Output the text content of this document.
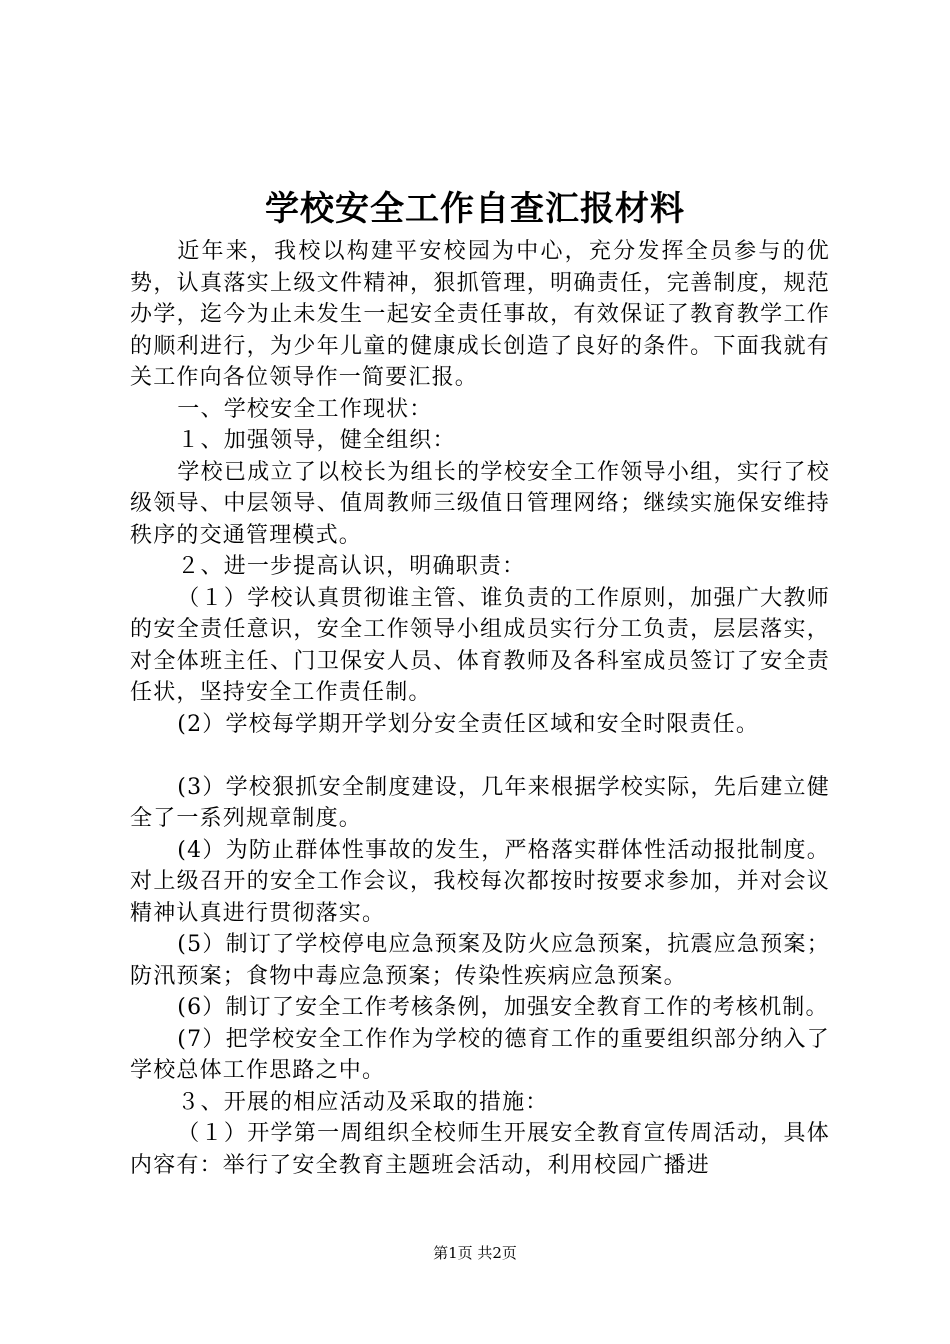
学校安全工作自查汇报材料

近年来，我校以构建平安校园为中心，充分发挥全员参与的优势，认真落实上级文件精神，狠抓管理，明确责任，完善制度，规范办学，迄今为止未发生一起安全责任事故，有效保证了教育教学工作的顺利进行，为少年儿童的健康成长创造了良好的条件。下面我就有关工作向各位领导作一简要汇报。

一、学校安全工作现状：

１、加强领导，健全组织：

学校已成立了以校长为组长的学校安全工作领导小组，实行了校级领导、中层领导、值周教师三级值日管理网络；继续实施保安维持秩序的交通管理模式。

２、进一步提高认识，明确职责：

（１）学校认真贯彻谁主管、谁负责的工作原则，加强广大教师的安全责任意识，安全工作领导小组成员实行分工负责，层层落实，对全体班主任、门卫保安人员、体育教师及各科室成员签订了安全责任状，坚持安全工作责任制。

(2）学校每学期开学划分安全责任区域和安全时限责任。

(3）学校狠抓安全制度建设，几年来根据学校实际，先后建立健全了一系列规章制度。

(4）为防止群体性事故的发生，严格落实群体性活动报批制度。对上级召开的安全工作会议，我校每次都按时按要求参加，并对会议精神认真进行贯彻落实。

(5）制订了学校停电应急预案及防火应急预案，抗震应急预案；防汛预案；食物中毒应急预案；传染性疾病应急预案。

(6）制订了安全工作考核条例，加强安全教育工作的考核机制。

(7）把学校安全工作作为学校的德育工作的重要组织部分纳入了学校总体工作思路之中。

３、开展的相应活动及采取的措施：

（１）开学第一周组织全校师生开展安全教育宣传周活动，具体内容有：举行了安全教育主题班会活动，利用校园广播进

第1页 共2页
